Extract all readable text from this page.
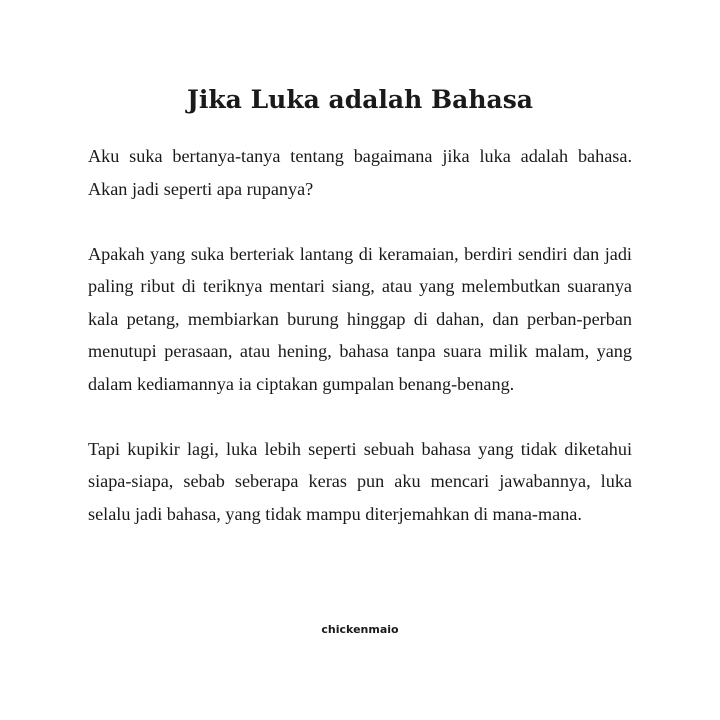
Jika Luka adalah Bahasa

Aku suka bertanya-tanya tentang bagaimana jika luka adalah bahasa. Akan jadi seperti apa rupanya?

Apakah yang suka berteriak lantang di keramaian, berdiri sendiri dan jadi paling ribut di teriknya mentari siang, atau yang melembutkan suaranya kala petang, membiarkan burung hinggap di dahan, dan perban-perban menutupi perasaan, atau hening, bahasa tanpa suara milik malam, yang dalam kediamannya ia ciptakan gumpalan benang-benang.

Tapi kupikir lagi, luka lebih seperti sebuah bahasa yang tidak diketahui siapa-siapa, sebab seberapa keras pun aku mencari jawabannya, luka selalu jadi bahasa, yang tidak mampu diterjemahkan di mana-mana.

chickenmaio
